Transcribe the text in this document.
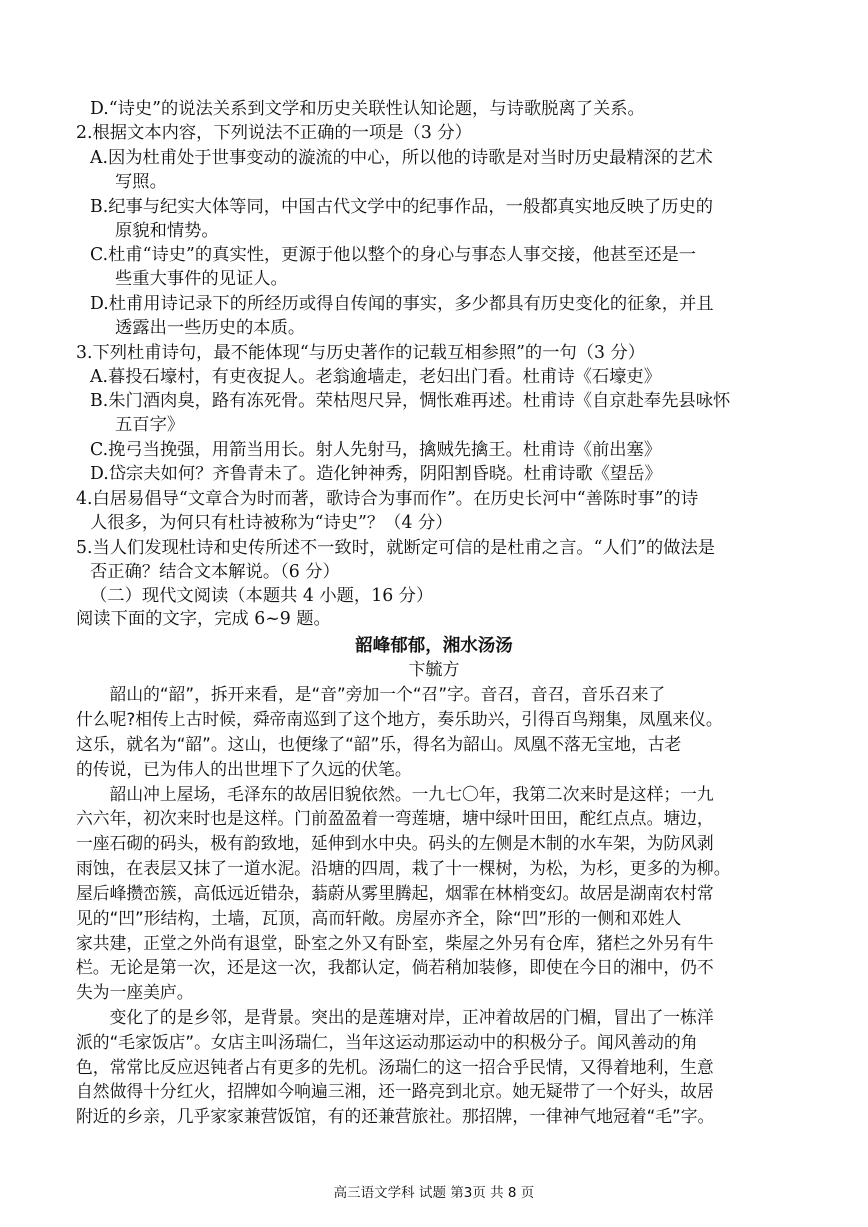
D.“诗史”的说法关系到文学和历史关联性认知论题，与诗歌脱离了关系。
2.根据文本内容，下列说法不正确的一项是（3 分）
A.因为杜甫处于世事变动的漩流的中心，所以他的诗歌是对当时历史最精深的艺术
写照。
B.纪事与纪实大体等同，中国古代文学中的纪事作品，一般都真实地反映了历史的
原貌和情势。
C.杜甫“诗史”的真实性，更源于他以整个的身心与事态人事交接，他甚至还是一
些重大事件的见证人。
D.杜甫用诗记录下的所经历或得自传闻的事实，多少都具有历史变化的征象，并且
透露出一些历史的本质。
3.下列杜甫诗句，最不能体现“与历史著作的记载互相参照”的一句（3 分）
A.暮投石壕村，有吏夜捉人。老翁逾墙走，老妇出门看。杜甫诗《石壕吏》
B.朱门酒肉臭，路有冻死骨。荣枯咫尺异，惆怅难再述。杜甫诗《自京赴奉先县咏怀
五百字》
C.挽弓当挽强，用箭当用长。射人先射马，擒贼先擒王。杜甫诗《前出塞》
D.岱宗夫如何？齐鲁青未了。造化钟神秀，阴阳割昏晓。杜甫诗歌《望岳》
4.白居易倡导“文章合为时而著，歌诗合为事而作”。在历史长河中“善陈时事”的诗
人很多，为何只有杜诗被称为“诗史”？（4 分）
5.当人们发现杜诗和史传所述不一致时，就断定可信的是杜甫之言。“人们”的做法是
否正确？结合文本解说。（6 分）
（二）现代文阅读（本题共 4 小题，16 分）
阅读下面的文字，完成 6~9 题。
韶峰郁郁，湘水汤汤
卞毓方
　　韶山的“韶”，拆开来看，是“音”旁加一个“召”字。音召，音召，音乐召来了
什么呢?相传上古时候，舜帝南巡到了这个地方，奏乐助兴，引得百鸟翔集，凤凰来仪。
这乐，就名为“韶”。这山，也便缘了“韶”乐，得名为韶山。凤凰不落无宝地，古老
的传说，已为伟人的出世埋下了久远的伏笔。
　　韶山冲上屋场，毛泽东的故居旧貌依然。一九七〇年，我第二次来时是这样；一九
六六年，初次来时也是这样。门前盈盈着一弯莲塘，塘中绿叶田田，酡红点点。塘边，
一座石砌的码头，极有韵致地，延伸到水中央。码头的左侧是木制的水车架，为防风剥
雨蚀，在表层又抹了一道水泥。沿塘的四周，栽了十一棵树，为松，为杉，更多的为柳。
屋后峰攒峦簇，高低远近错杂，蓊蔚从雾里腾起，烟霏在林梢变幻。故居是湖南农村常
见的“凹”形结构，土墙，瓦顶，高而轩敞。房屋亦齐全，除“凹”形的一侧和邓姓人
家共建，正堂之外尚有退堂，卧室之外又有卧室，柴屋之外另有仓库，猪栏之外另有牛
栏。无论是第一次，还是这一次，我都认定，倘若稍加装修，即使在今日的湘中，仍不
失为一座美庐。
　　变化了的是乡邻，是背景。突出的是莲塘对岸，正冲着故居的门楣，冒出了一栋洋
派的“毛家饭店”。女店主叫汤瑞仁，当年这运动那运动中的积极分子。闻风善动的角
色，常常比反应迟钝者占有更多的先机。汤瑞仁的这一招合乎民情，又得着地利，生意
自然做得十分红火，招牌如今响遍三湘，还一路亮到北京。她无疑带了一个好头，故居
附近的乡亲，几乎家家兼营饭馆，有的还兼营旅社。那招牌，一律神气地冠着“毛”字。
高三语文学科 试题 第3页 共 8 页
